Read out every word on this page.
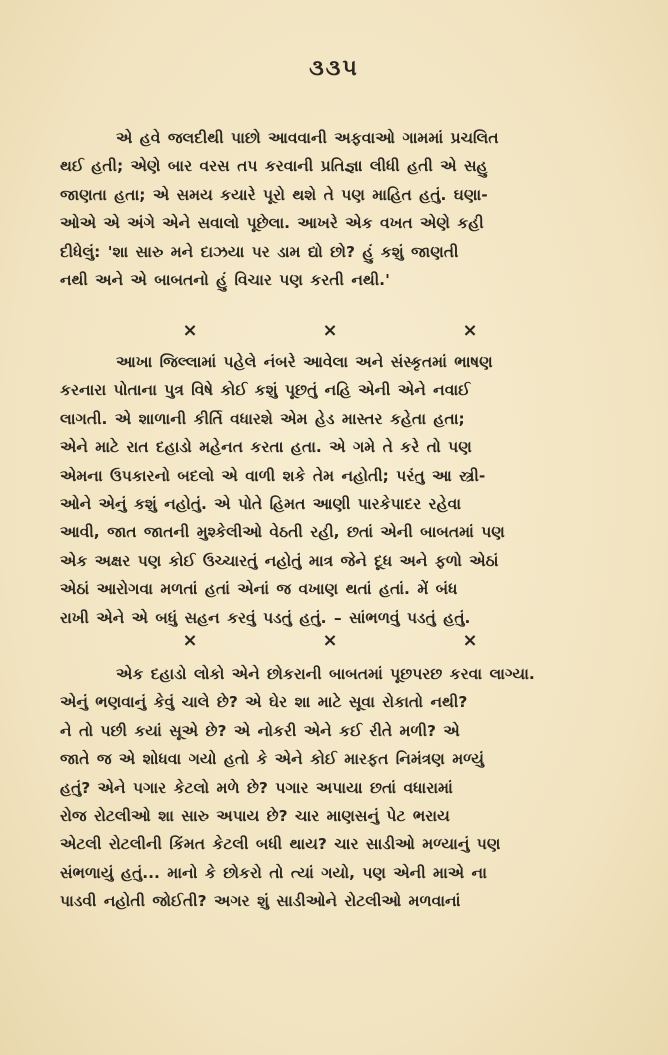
૩૩૫
એ હવે જલદીથી પાછો આવવાની અફવાઓ ગામમાં પ્રચલિત
થઈ હતી; એણે બાર વરસ તપ કરવાની પ્રતિજ્ઞા લીધી હતી એ સહુ
જાણતા હતા; એ સમય કયારે પૂરો થશે તે પણ માહિત હતું. ઘણા-
ઓએ એ અંગે એને સવાલો પૂછેલા. આખરે એક વખત એણે કહી
દીધેલું: 'શા સારુ મને દાઝયા પર ડામ દ્યો છો? હું કશું જાણતી
નથી અને એ બાબતનો હું વિચાર પણ કરતી નથી.'
×	×	×
આખા જિલ્લામાં પહેલે નંબરે આવેલા અને સંસ્કૃતમાં ભાષણ
કરનારા પોતાના પુત્ર વિષે કોઈ કશું પૂછતું નહિ એની એને નવાઈ
લાગતી. એ શાળાની કીર્તિ વધારશે એમ હેડ માસ્તર કહેતા હતા;
એને માટે રાત દહાડો મહેનત કરતા હતા. એ ગમે તે કરે તો પણ
એમના ઉપકારનો બદલો એ વાળી શકે તેમ નહોતી; પરંતુ આ સ્ત્રી-
ઓને એનું કશું નહોતું. એ પોતે હિમત આણી પારકેપાદર રહેવા
આવી, જાત જાતની મુશ્કેલીઓ વેઠતી રહી, છતાં એની બાબતમાં પણ
એક અક્ષર પણ કોઈ ઉચ્ચારતું નહોતું માત્ર જેને દૂધ અને ફળો એઠાં
એઠાં આરોગવા મળતાં હતાં એનાં જ વખાણ થતાં હતાં. મેં બંધ
રાખી એને એ બધું સહન કરવું પડતું હતું. – સાંભળવું પડતું હતું.
×	×	×
એક દહાડો લોકો એને છોકરાની બાબતમાં પૂછપરછ કરવા લાગ્યા.
એનું ભણવાનું કેવું ચાલે છે? એ ઘેર શા માટે સૂવા રોકાતો નથી?
ને તો પછી કયાં સૂએ છે? એ નોકરી એને કઈ રીતે મળી? એ
જાતે જ એ શોધવા ગયો હતો કે એને કોઈ મારફત નિમંત્રણ મળ્યું
હતું? એને પગાર કેટલો મળે છે? પગાર અપાયા છતાં વધારામાં
રોજ રોટલીઓ શા સારુ અપાય છે? ચાર માણસનું પેટ ભરાય
એટલી રોટલીની કિંમત કેટલી બધી થાય? ચાર સાડીઓ મળ્યાનું પણ
સંભળાયું હતું... માનો કે છોકરો તો ત્યાં ગયો, પણ એની માએ ના
પાડવી નહોતી જોઈતી? અગર શું સાડીઓને રોટલીઓ મળવાનાં
